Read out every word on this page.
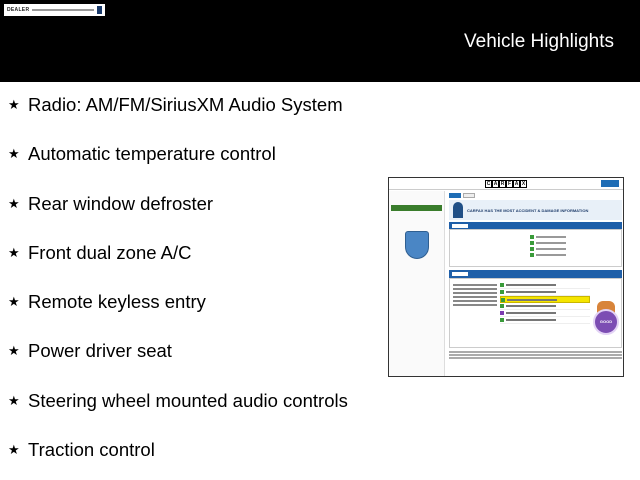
DEALER

Vehicle Highlights
★ Radio: AM/FM/SiriusXM Audio System
★ Automatic temperature control
★ Rear window defroster
★ Front dual zone A/C
★ Remote keyless entry
★ Power driver seat
★ Steering wheel mounted audio controls
★ Traction control
C A R F A X

CARFAX HAS THE MOST ACCIDENT & DAMAGE INFORMATION
GOOD
